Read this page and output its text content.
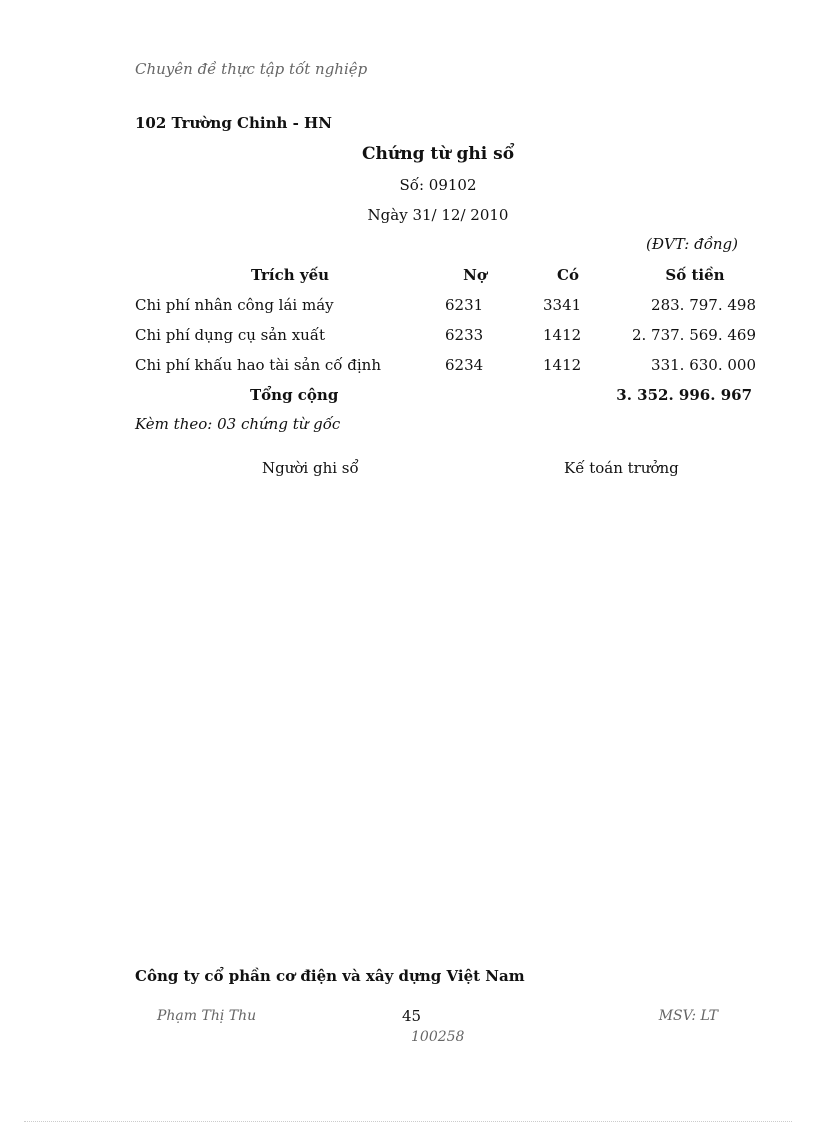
Chuyên đề thực tập tốt nghiệp
102 Trường Chinh - HN
Chứng từ ghi sổ
Số: 09102
Ngày 31/ 12/ 2010
(ĐVT: đồng)
Trích yếu	Nợ	Có	Số tiền
Chi phí nhân công lái máy	6231	3341	283. 797. 498
Chi phí dụng cụ sản xuất	6233	1412	2. 737. 569. 469
Chi phí khấu hao tài sản cố định	6234	1412	331. 630. 000
Tổng cộng	3. 352. 996. 967
Kèm theo: 03 chứng từ gốc
Người ghi sổ	Kế toán trưởng
Công ty cổ phần cơ điện và xây dựng Việt Nam
Phạm Thị Thu	45	MSV: LT
100258
